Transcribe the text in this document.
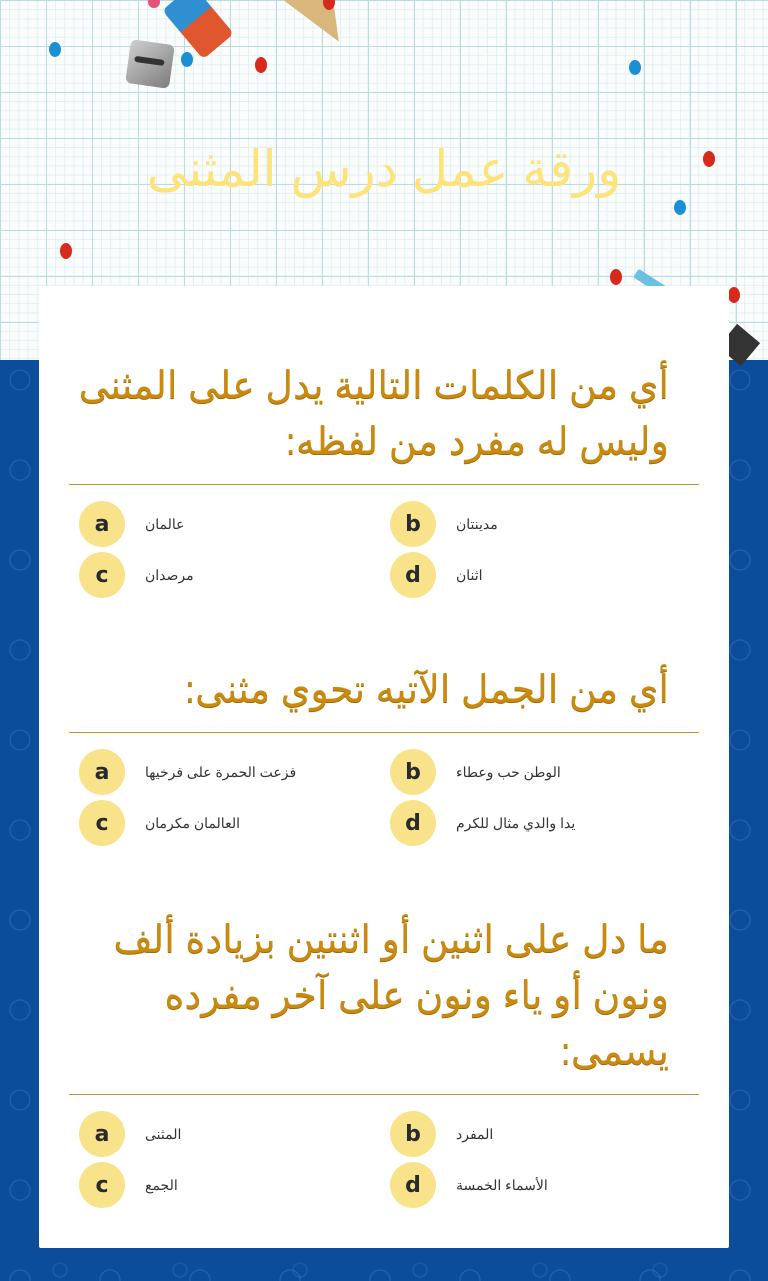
ورقة عمل درس المثنى

أي من الكلمات التالية يدل على المثنى وليس له مفرد من لفظه:

a	عالمان	b	مدينتان
c	مرصدان	d	اثنان

أي من الجمل الآتيه تحوي مثنى:

a	فزعت الحمرة على فرخيها	b	الوطن حب وعطاء
c	العالمان مكرمان	d	يدا والدي مثال للكرم

ما دل على اثنين أو اثنتين بزيادة ألف ونون أو ياء ونون على آخر مفرده يسمى:

a	المثنى	b	المفرد
c	الجمع	d	الأسماء الخمسة
